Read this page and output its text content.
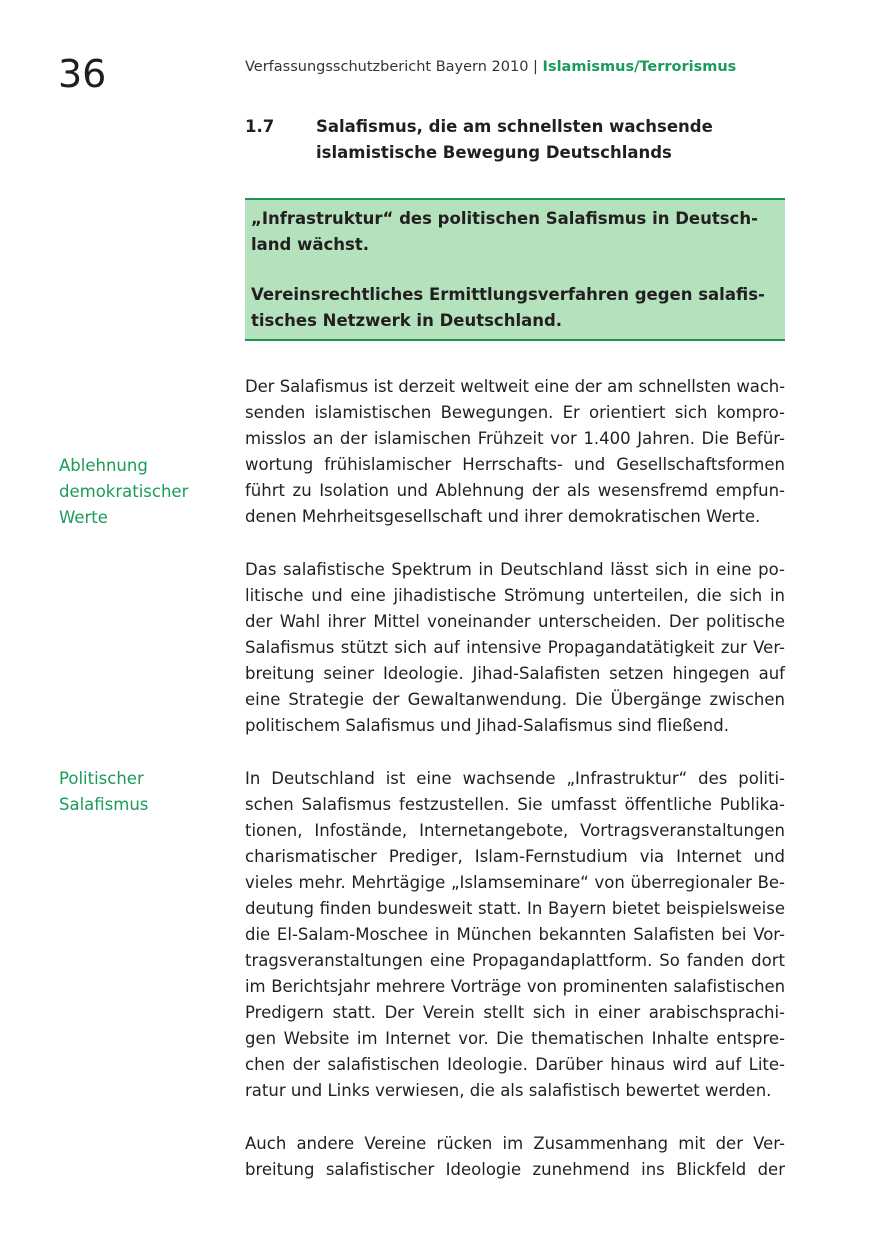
36	Verfassungsschutzbericht Bayern 2010 | Islamismus/Terrorismus
1.7	Salafismus, die am schnellsten wachsende
islamistische Bewegung Deutschlands

„Infrastruktur“ des politischen Salafismus in Deutsch-
land wächst.

Vereinsrechtliches Ermittlungsverfahren gegen salafis-
tisches Netzwerk in Deutschland.

Ablehnung
demokratischer
Werte
Politischer
Salafismus
Der Salafismus ist derzeit weltweit eine der am schnellsten wach-
senden islamistischen Bewegungen. Er orientiert sich kompro-
misslos an der islamischen Frühzeit vor 1.400 Jahren. Die Befür-
wortung frühislamischer Herrschafts- und Gesellschaftsformen
führt zu Isolation und Ablehnung der als wesensfremd empfun-
denen Mehrheitsgesellschaft und ihrer demokratischen Werte.
Das salafistische Spektrum in Deutschland lässt sich in eine po-
litische und eine jihadistische Strömung unterteilen, die sich in
der Wahl ihrer Mittel voneinander unterscheiden. Der politische
Salafismus stützt sich auf intensive Propagandatätigkeit zur Ver-
breitung seiner Ideologie. Jihad-Salafisten setzen hingegen auf
eine Strategie der Gewaltanwendung. Die Übergänge zwischen
politischem Salafismus und Jihad-Salafismus sind fließend.
In Deutschland ist eine wachsende „Infrastruktur“ des politi-
schen Salafismus festzustellen. Sie umfasst öffentliche Publika-
tionen, Infostände, Internetangebote, Vortragsveranstaltungen
charismatischer Prediger, Islam-Fernstudium via Internet und
vieles mehr. Mehrtägige „Islamseminare“ von überregionaler Be-
deutung finden bundesweit statt. In Bayern bietet beispielsweise
die El-Salam-Moschee in München bekannten Salafisten bei Vor-
tragsveranstaltungen eine Propagandaplattform. So fanden dort
im Berichtsjahr mehrere Vorträge von prominenten salafistischen
Predigern statt. Der Verein stellt sich in einer arabischsprachi-
gen Website im Internet vor. Die thematischen Inhalte entspre-
chen der salafistischen Ideologie. Darüber hinaus wird auf Lite-
ratur und Links verwiesen, die als salafistisch bewertet werden.
Auch andere Vereine rücken im Zusammenhang mit der Ver-
breitung salafistischer Ideologie zunehmend ins Blickfeld der
